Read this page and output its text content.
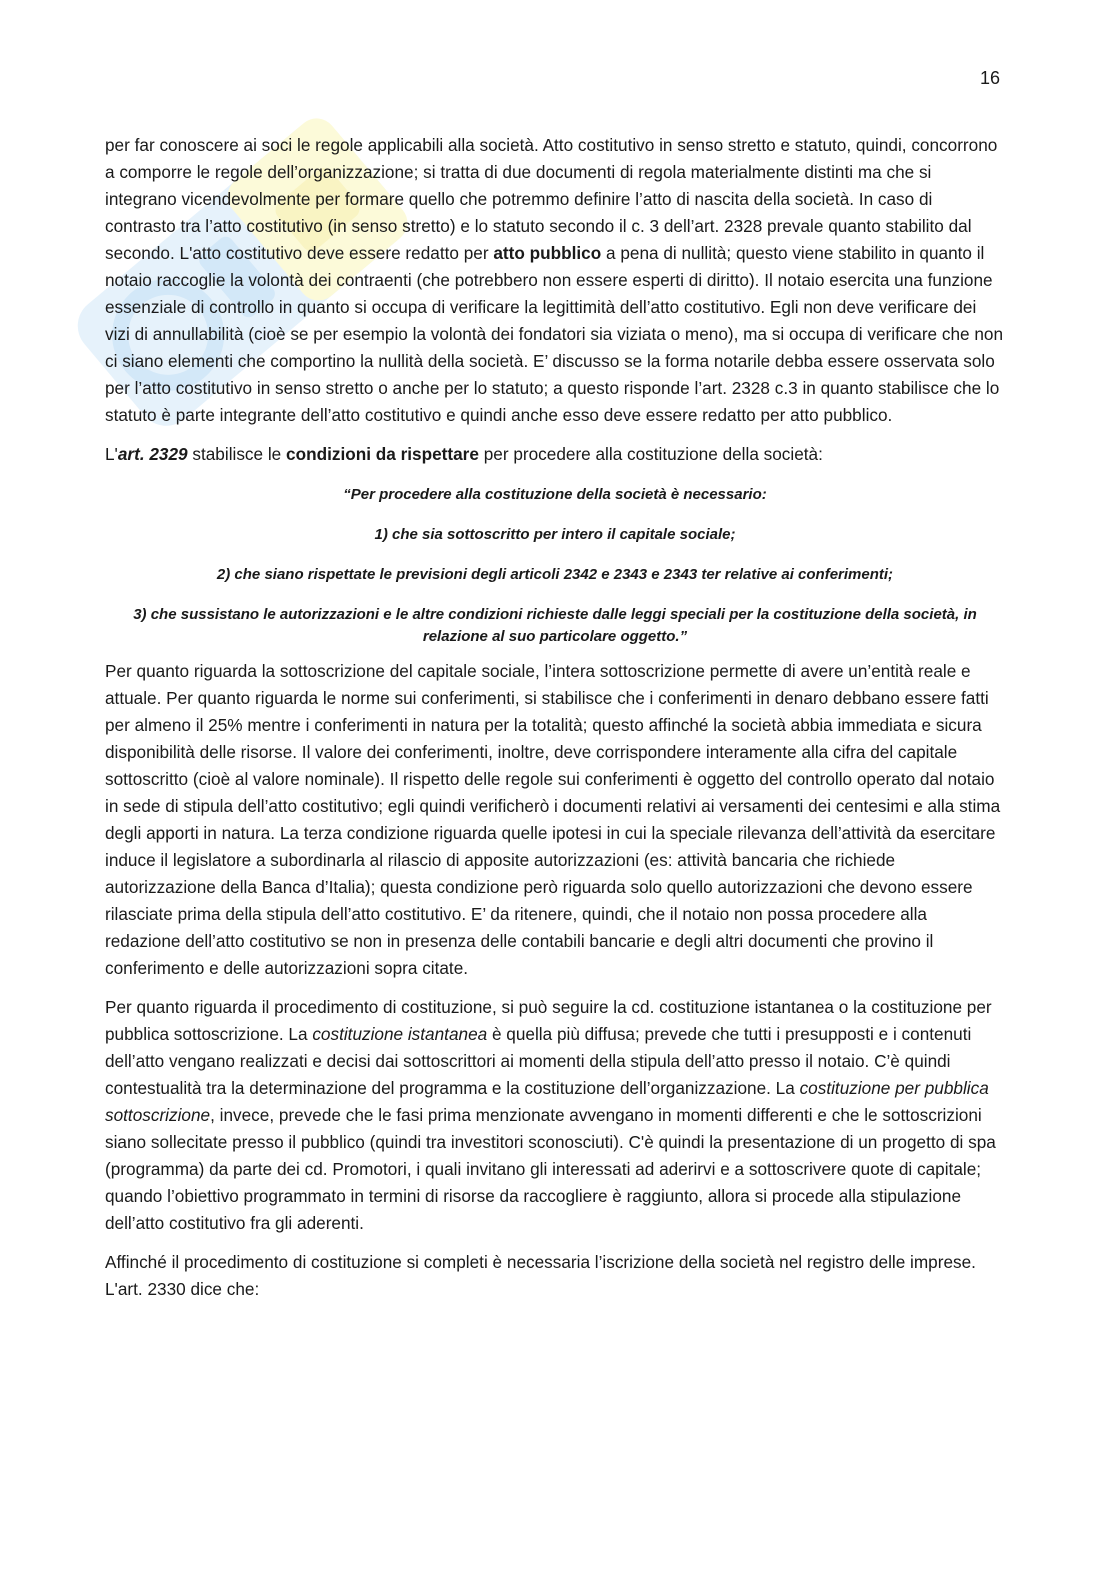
16

per far conoscere ai soci le regole applicabili alla società. Atto costitutivo in senso stretto e statuto, quindi, concorrono a comporre le regole dell’organizzazione; si tratta di due documenti di regola materialmente distinti ma che si integrano vicendevolmente per formare quello che potremmo definire l’atto di nascita della società. In caso di contrasto tra l’atto costitutivo (in senso stretto) e lo statuto secondo il c. 3 dell’art. 2328 prevale quanto stabilito dal secondo. L'atto costitutivo deve essere redatto per atto pubblico a pena di nullità; questo viene stabilito in quanto il notaio raccoglie la volontà dei contraenti (che potrebbero non essere esperti di diritto). Il notaio esercita una funzione essenziale di controllo in quanto si occupa di verificare la legittimità dell’atto costitutivo. Egli non deve verificare dei vizi di annullabilità (cioè se per esempio la volontà dei fondatori sia viziata o meno), ma si occupa di verificare che non ci siano elementi che comportino la nullità della società. E’ discusso se la forma notarile debba essere osservata solo per l’atto costitutivo in senso stretto o anche per lo statuto; a questo risponde l’art. 2328 c.3 in quanto stabilisce che lo statuto è parte integrante dell’atto costitutivo e quindi anche esso deve essere redatto per atto pubblico.

L'art. 2329 stabilisce le condizioni da rispettare per procedere alla costituzione della società:

“Per procedere alla costituzione della società è necessario:

1) che sia sottoscritto per intero il capitale sociale;

2) che siano rispettate le previsioni degli articoli 2342 e 2343 e 2343 ter relative ai conferimenti;

3) che sussistano le autorizzazioni e le altre condizioni richieste dalle leggi speciali per la costituzione della società, in relazione al suo particolare oggetto.”

Per quanto riguarda la sottoscrizione del capitale sociale, l’intera sottoscrizione permette di avere un’entità reale e attuale. Per quanto riguarda le norme sui conferimenti, si stabilisce che i conferimenti in denaro debbano essere fatti per almeno il 25% mentre i conferimenti in natura per la totalità; questo affinché la società abbia immediata e sicura disponibilità delle risorse. Il valore dei conferimenti, inoltre, deve corrispondere interamente alla cifra del capitale sottoscritto (cioè al valore nominale). Il rispetto delle regole sui conferimenti è oggetto del controllo operato dal notaio in sede di stipula dell’atto costitutivo; egli quindi verificherò i documenti relativi ai versamenti dei centesimi e alla stima degli apporti in natura. La terza condizione riguarda quelle ipotesi in cui la speciale rilevanza dell’attività da esercitare induce il legislatore a subordinarla al rilascio di apposite autorizzazioni (es: attività bancaria che richiede autorizzazione della Banca d’Italia); questa condizione però riguarda solo quello autorizzazioni che devono essere rilasciate prima della stipula dell’atto costitutivo. E’ da ritenere, quindi, che il notaio non possa procedere alla redazione dell’atto costitutivo se non in presenza delle contabili bancarie e degli altri documenti che provino il conferimento e delle autorizzazioni sopra citate.

Per quanto riguarda il procedimento di costituzione, si può seguire la cd. costituzione istantanea o la costituzione per pubblica sottoscrizione. La costituzione istantanea è quella più diffusa; prevede che tutti i presupposti e i contenuti dell’atto vengano realizzati e decisi dai sottoscrittori ai momenti della stipula dell’atto presso il notaio. C’è quindi contestualità tra la determinazione del programma e la costituzione dell’organizzazione. La costituzione per pubblica sottoscrizione, invece, prevede che le fasi prima menzionate avvengano in momenti differenti e che le sottoscrizioni siano sollecitate presso il pubblico (quindi tra investitori sconosciuti). C'è quindi la presentazione di un progetto di spa (programma) da parte dei cd. Promotori, i quali invitano gli interessati ad aderirvi e a sottoscrivere quote di capitale; quando l’obiettivo programmato in termini di risorse da raccogliere è raggiunto, allora si procede alla stipulazione dell’atto costitutivo fra gli aderenti.

Affinché il procedimento di costituzione si completi è necessaria l’iscrizione della società nel registro delle imprese. L'art. 2330 dice che:
